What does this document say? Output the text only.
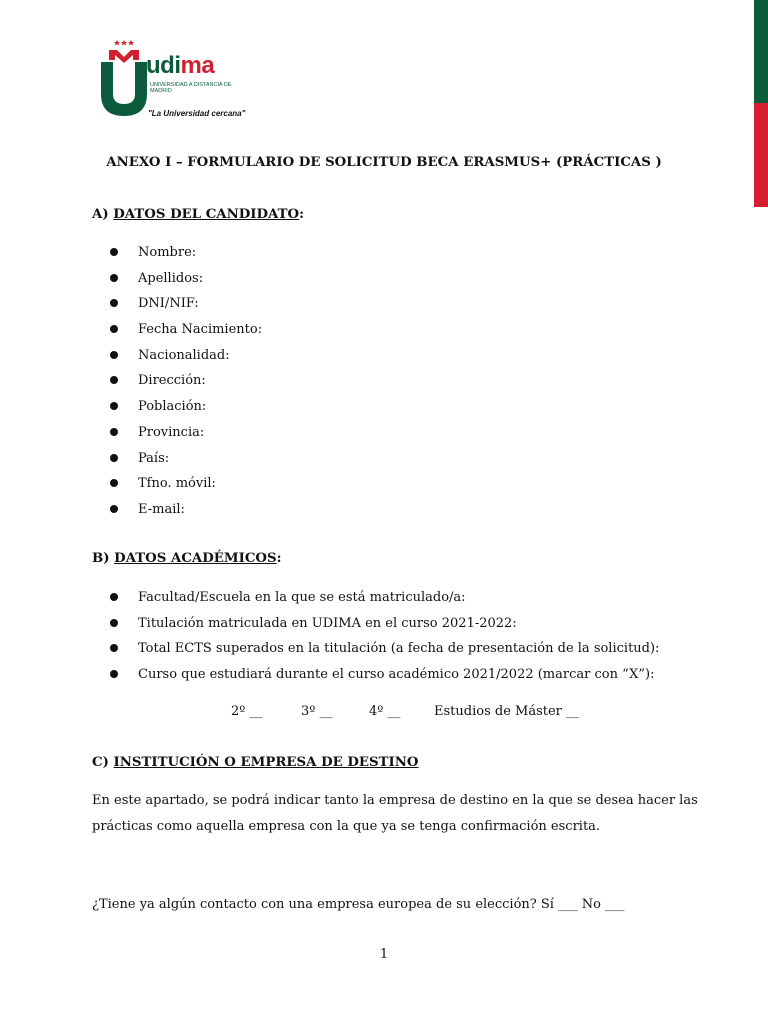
udima
UNIVERSIDAD A DISTANCIA DE MADRID
"La Universidad cercana"
ANEXO I – FORMULARIO DE SOLICITUD BECA ERASMUS+ (PRÁCTICAS )
A) DATOS DEL CANDIDATO:
Nombre:
Apellidos:
DNI/NIF:
Fecha Nacimiento:
Nacionalidad:
Dirección:
Población:
Provincia:
País:
Tfno. móvil:
E-mail:
B) DATOS ACADÉMICOS:
Facultad/Escuela en la que se está matriculado/a:
Titulación matriculada en UDIMA en el curso 2021-2022:
Total ECTS superados en la titulación (a fecha de presentación de la solicitud):
Curso que estudiará durante el curso académico 2021/2022 (marcar con “X”):
2º __	3º __	4º __	Estudios de Máster __
C) INSTITUCIÓN O EMPRESA DE DESTINO
En este apartado, se podrá indicar tanto la empresa de destino en la que se desea hacer las prácticas como aquella empresa con la que ya se tenga confirmación escrita.
¿Tiene ya algún contacto con una empresa europea de su elección? Sí ___ No ___
1
